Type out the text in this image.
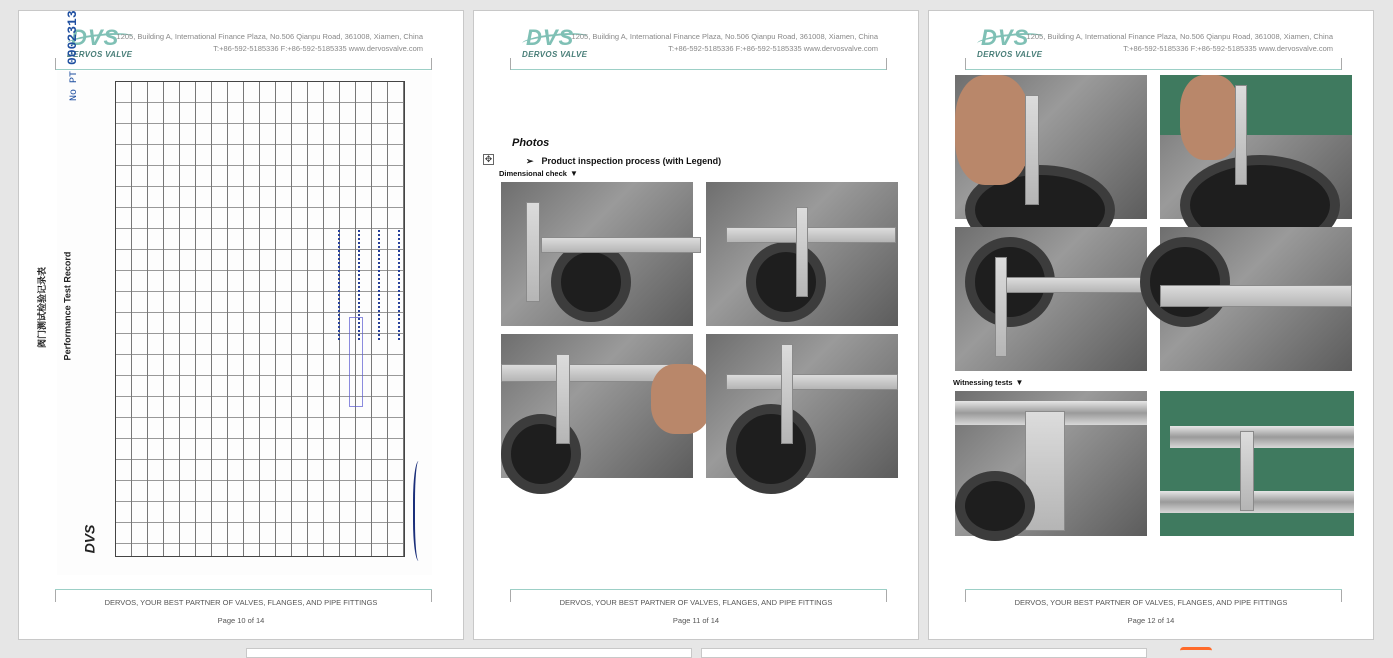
DVS
DERVOS VALVE
1205, Building A, International Finance Plaza, No.506 Qianpu Road, 361008, Xiamen, China
T:+86-592-5185336 F:+86-592-5185335 www.dervosvalve.com
阀门测试检验记录表 Performance Test Record
No PT 0002313
DVS
DERVOS, YOUR BEST PARTNER OF VALVES, FLANGES, AND PIPE FITTINGS
Page 10 of 14
DVS
DERVOS VALVE
1205, Building A, International Finance Plaza, No.506 Qianpu Road, 361008, Xiamen, China
T:+86-592-5185336 F:+86-592-5185335 www.dervosvalve.com
Photos
✥	➢ Product inspection process (with Legend)
Dimensional check ▼
DERVOS, YOUR BEST PARTNER OF VALVES, FLANGES, AND PIPE FITTINGS
Page 11 of 14
DVS
DERVOS VALVE
1205, Building A, International Finance Plaza, No.506 Qianpu Road, 361008, Xiamen, China
T:+86-592-5185336 F:+86-592-5185335 www.dervosvalve.com
Witnessing tests ▼
DERVOS, YOUR BEST PARTNER OF VALVES, FLANGES, AND PIPE FITTINGS
Page 12 of 14
